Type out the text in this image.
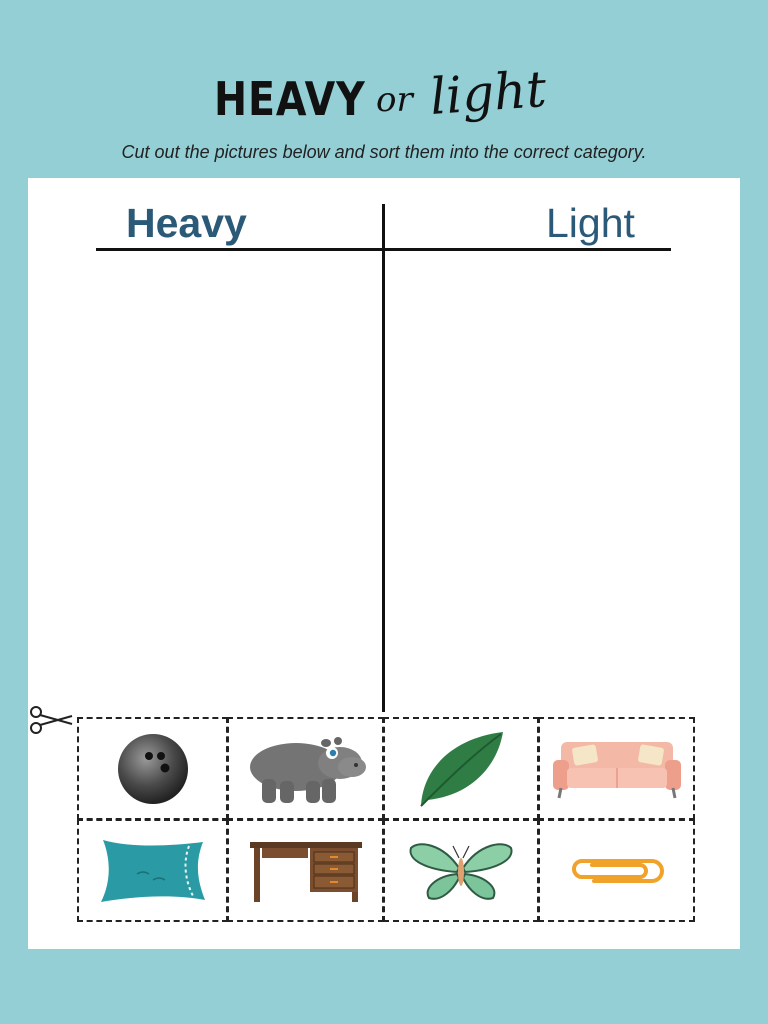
HEAVY or light
Cut out the pictures below and sort them into the correct category.
Heavy	Light
